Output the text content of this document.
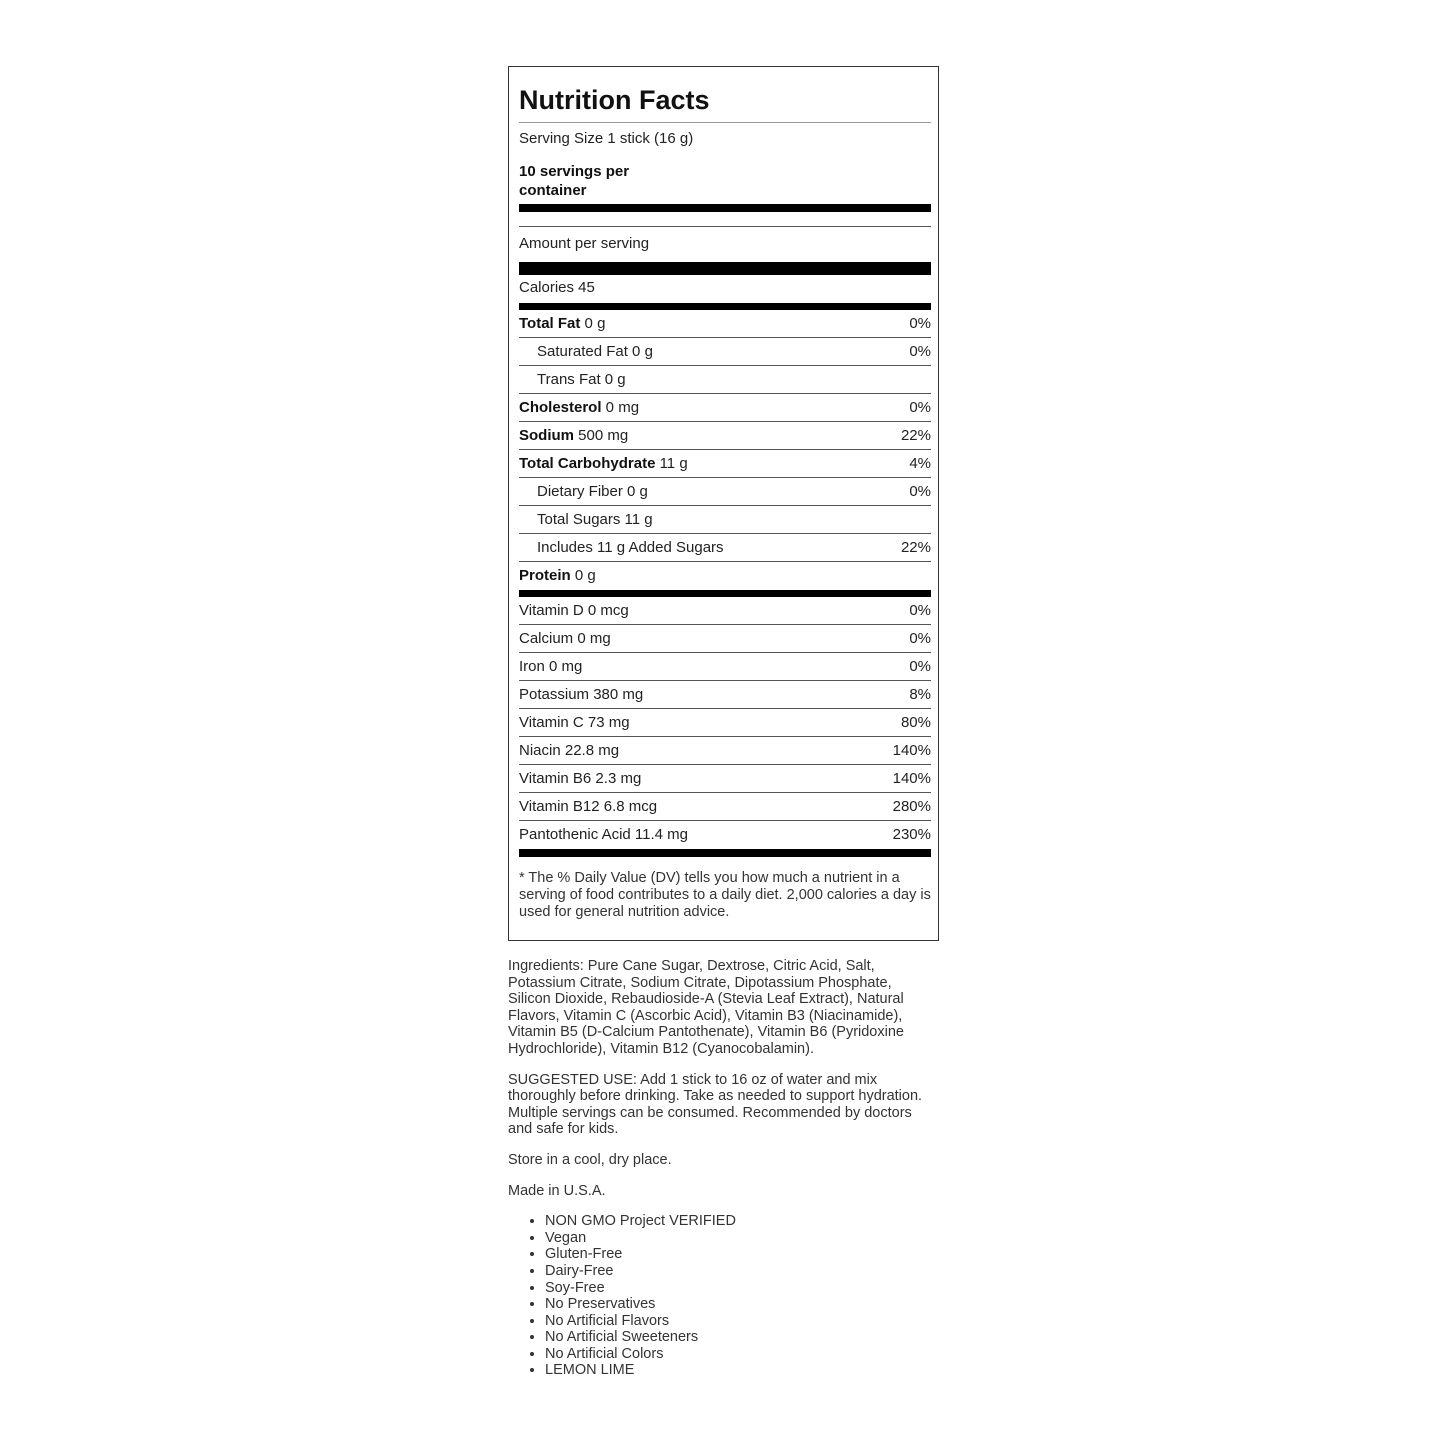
Nutrition Facts
Serving Size 1 stick (16 g)
10 servings per container
Amount per serving
Calories 45
Total Fat 0 g	0%
Saturated Fat 0 g	0%
Trans Fat 0 g
Cholesterol 0 mg	0%
Sodium 500 mg	22%
Total Carbohydrate 11 g	4%
Dietary Fiber 0 g	0%
Total Sugars 11 g
Includes 11 g Added Sugars	22%
Protein 0 g
Vitamin D 0 mcg	0%
Calcium 0 mg	0%
Iron 0 mg	0%
Potassium 380 mg	8%
Vitamin C 73 mg	80%
Niacin 22.8 mg	140%
Vitamin B6 2.3 mg	140%
Vitamin B12 6.8 mcg	280%
Pantothenic Acid 11.4 mg	230%
* The % Daily Value (DV) tells you how much a nutrient in a serving of food contributes to a daily diet. 2,000 calories a day is used for general nutrition advice.

Ingredients: Pure Cane Sugar, Dextrose, Citric Acid, Salt, Potassium Citrate, Sodium Citrate, Dipotassium Phosphate, Silicon Dioxide, Rebaudioside-A (Stevia Leaf Extract), Natural Flavors, Vitamin C (Ascorbic Acid), Vitamin B3 (Niacinamide), Vitamin B5 (D-Calcium Pantothenate), Vitamin B6 (Pyridoxine Hydrochloride), Vitamin B12 (Cyanocobalamin).

SUGGESTED USE: Add 1 stick to 16 oz of water and mix thoroughly before drinking. Take as needed to support hydration. Multiple servings can be consumed. Recommended by doctors and safe for kids.

Store in a cool, dry place.

Made in U.S.A.

• NON GMO Project VERIFIED
• Vegan
• Gluten-Free
• Dairy-Free
• Soy-Free
• No Preservatives
• No Artificial Flavors
• No Artificial Sweeteners
• No Artificial Colors
• LEMON LIME
